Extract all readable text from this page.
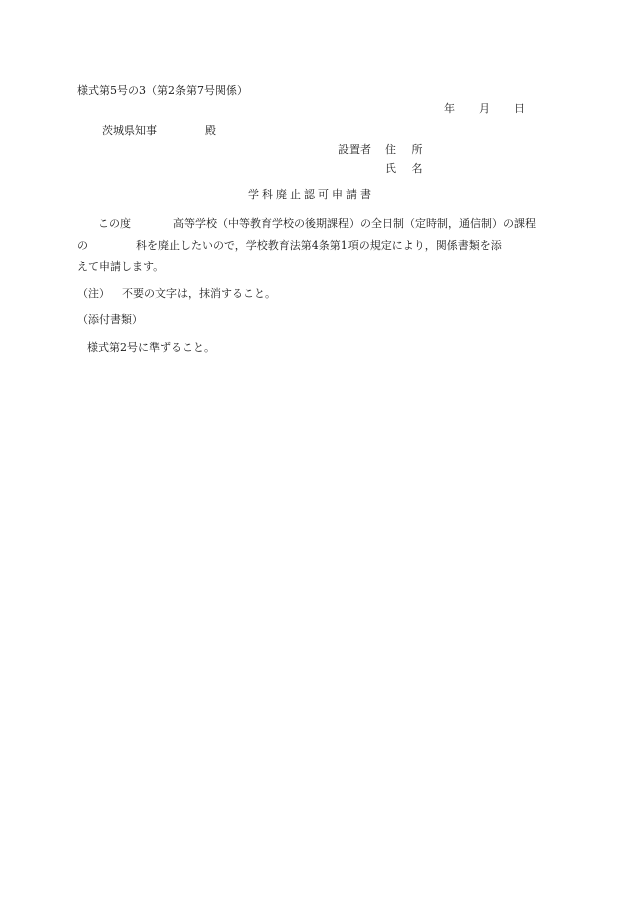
様式第5号の3（第2条第7号関係）
年 月 日
茨城県知事	殿
設置者 住 所
氏 名
学科廃止認可申請書
この度	高等学校（中等教育学校の後期課程）の全日制（定時制，通信制）の課程
の	科を廃止したいので，学校教育法第4条第1項の規定により，関係書類を添
えて申請します。
（注） 不要の文字は，抹消すること。
（添付書類）
様式第2号に準ずること。
